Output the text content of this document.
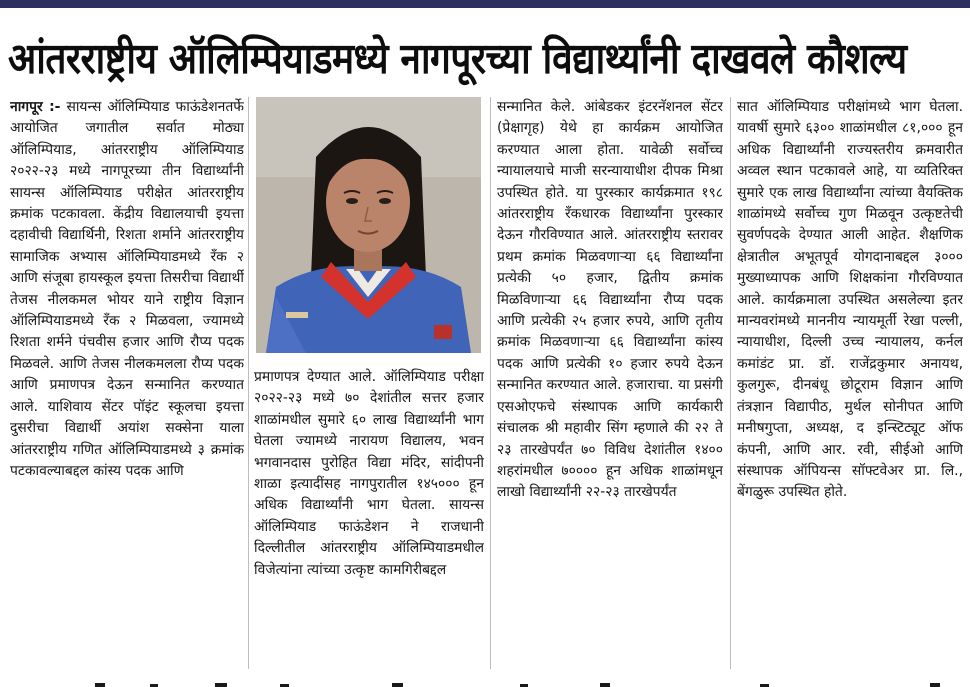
आंतरराष्ट्रीय ऑलिम्पियाडमध्ये नागपूरच्या विद्यार्थ्यांनी दाखवले कौशल्य

नागपूर :- सायन्स ऑलिम्पियाड फाऊंडेशनतर्फे आयोजित जगातील सर्वात मोठ्या ऑलिम्पियाड, आंतरराष्ट्रीय ऑलिम्पियाड २०२२-२३ मध्ये नागपूरच्या तीन विद्यार्थ्यांनी सायन्स ऑलिम्पियाड परीक्षेत आंतरराष्ट्रीय क्रमांक पटकावला. केंद्रीय विद्यालयाची इयत्ता दहावीची विद्यार्थिनी, रिशता शर्माने आंतरराष्ट्रीय सामाजिक अभ्यास ऑलिम्पियाडमध्ये रँक २ आणि संजूबा हायस्कूल इयत्ता तिसरीचा विद्यार्थी तेजस नीलकमल भोयर याने राष्ट्रीय विज्ञान ऑलिम्पियाडमध्ये रँक २ मिळवला, ज्यामध्ये रिशता शर्मने पंचवीस हजार आणि रौप्य पदक मिळवले. आणि तेजस नीलकमलला रौप्य पदक आणि प्रमाणपत्र देऊन सन्मानित करण्यात आले. याशिवाय सेंटर पॉइंट स्कूलचा इयत्ता दुसरीचा विद्यार्थी अयांश सक्सेना याला आंतरराष्ट्रीय गणित ऑलिम्पियाडमध्ये ३ क्रमांक पटकावल्याबद्दल कांस्य पदक आणि

प्रमाणपत्र देण्यात आले. ऑलिम्पियाड परीक्षा २०२२-२३ मध्ये ७० देशांतील सत्तर हजार शाळांमधील सुमारे ६० लाख विद्यार्थ्यांनी भाग घेतला ज्यामध्ये नारायण विद्यालय, भवन भगवानदास पुरोहित विद्या मंदिर, सांदीपनी शाळा इत्यादींसह नागपुरातील १४५००० हून अधिक विद्यार्थ्यांनी भाग घेतला. सायन्स ऑलिम्पियाड फाऊंडेशन ने राजधानी दिल्लीतील आंतरराष्ट्रीय ऑलिम्पियाडमधील विजेत्यांना त्यांच्या उत्कृष्ट कामगिरीबद्दल

सन्मानित केले. आंबेडकर इंटरनॅशनल सेंटर (प्रेक्षागृह) येथे हा कार्यक्रम आयोजित करण्यात आला होता. यावेळी सर्वोच्च न्यायालयाचे माजी सरन्यायाधीश दीपक मिश्रा उपस्थित होते. या पुरस्कार कार्यक्रमात १९८ आंतरराष्ट्रीय रँकधारक विद्यार्थ्यांना पुरस्कार देऊन गौरविण्यात आले. आंतरराष्ट्रीय स्तरावर प्रथम क्रमांक मिळवणाऱ्या ६६ विद्यार्थ्यांना प्रत्येकी ५० हजार, द्वितीय क्रमांक मिळविणाऱ्या ६६ विद्यार्थ्यांना रौप्य पदक आणि प्रत्येकी २५ हजार रुपये, आणि तृतीय क्रमांक मिळवणाऱ्या ६६ विद्यार्थ्यांना कांस्य पदक आणि प्रत्येकी १० हजार रुपये देऊन सन्मानित करण्यात आले. हजाराचा. या प्रसंगी एसओएफचे संस्थापक आणि कार्यकारी संचालक श्री महावीर सिंग म्हणाले की २२ ते २३ तारखेपर्यंत ७० विविध देशांतील १४०० शहरांमधील ७०००० हून अधिक शाळांमधून लाखो विद्यार्थ्यांनी २२-२३ तारखेपर्यंत

सात ऑलिम्पियाड परीक्षांमध्ये भाग घेतला. यावर्षी सुमारे ६३०० शाळांमधील ८१,००० हून अधिक विद्यार्थ्यांनी राज्यस्तरीय क्रमवारीत अव्वल स्थान पटकावले आहे, या व्यतिरिक्त सुमारे एक लाख विद्यार्थ्यांना त्यांच्या वैयक्तिक शाळांमध्ये सर्वोच्च गुण मिळवून उत्कृष्टतेची सुवर्णपदके देण्यात आली आहेत. शैक्षणिक क्षेत्रातील अभूतपूर्व योगदानाबद्दल ३००० मुख्याध्यापक आणि शिक्षकांना गौरविण्यात आले. कार्यक्रमाला उपस्थित असलेल्या इतर मान्यवरांमध्ये माननीय न्यायमूर्ती रेखा पल्ली, न्यायाधीश, दिल्ली उच्च न्यायालय, कर्नल कमांडंट प्रा. डॉ. राजेंद्रकुमार अनायथ, कुलगुरू, दीनबंधू छोटूराम विज्ञान आणि तंत्रज्ञान विद्यापीठ, मुर्थल सोनीपत आणि मनीषगुप्ता, अध्यक्ष, द इन्स्टिट्यूट ऑफ कंपनी, आणि आर. रवी, सीईओ आणि संस्थापक ऑपियन्स सॉफ्टवेअर प्रा. लि., बेंगळुरू उपस्थित होते.
